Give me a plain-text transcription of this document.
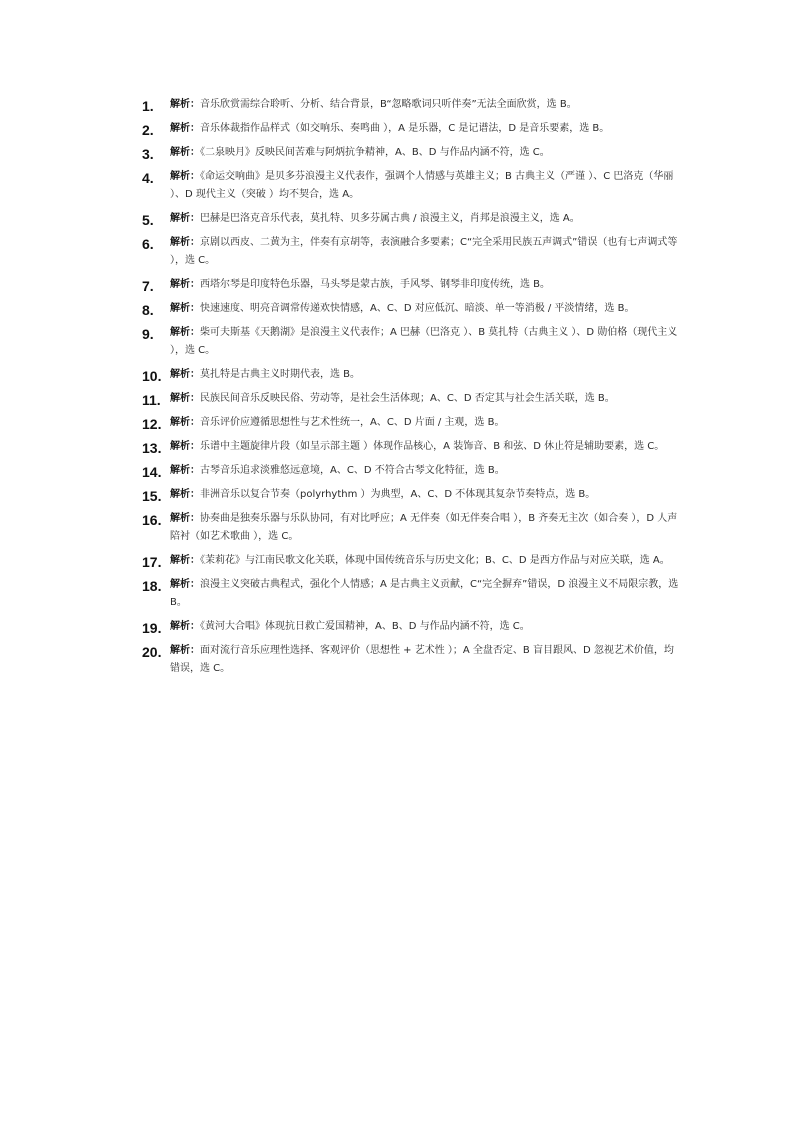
1. 解析：音乐欣赏需综合聆听、分析、结合背景，B“忽略歌词只听伴奏”无法全面欣赏，选 B。
2. 解析：音乐体裁指作品样式（如交响乐、奏鸣曲 ），A 是乐器，C 是记谱法，D 是音乐要素，选 B。
3. 解析：《二泉映月》反映民间苦难与阿炳抗争精神，A、B、D 与作品内涵不符，选 C。
4. 解析：《命运交响曲》是贝多芬浪漫主义代表作，强调个人情感与英雄主义；B 古典主义（严谨 ）、C 巴洛克（华丽 ）、D 现代主义（突破 ）均不契合，选 A。
5. 解析：巴赫是巴洛克音乐代表，莫扎特、贝多芬属古典 / 浪漫主义，肖邦是浪漫主义，选 A。
6. 解析：京剧以西皮、二黄为主，伴奏有京胡等，表演融合多要素；C“完全采用民族五声调式”错误（也有七声调式等 ），选 C。
7. 解析：西塔尔琴是印度特色乐器，马头琴是蒙古族，手风琴、钢琴非印度传统，选 B。
8. 解析：快速速度、明亮音调常传递欢快情感，A、C、D 对应低沉、暗淡、单一等消极 / 平淡情绪，选 B。
9. 解析：柴可夫斯基《天鹅湖》是浪漫主义代表作；A 巴赫（巴洛克 ）、B 莫扎特（古典主义 ）、D 勋伯格（现代主义 ），选 C。
10. 解析：莫扎特是古典主义时期代表，选 B。
11. 解析：民族民间音乐反映民俗、劳动等，是社会生活体现；A、C、D 否定其与社会生活关联，选 B。
12. 解析：音乐评价应遵循思想性与艺术性统一，A、C、D 片面 / 主观，选 B。
13. 解析：乐谱中主题旋律片段（如呈示部主题 ）体现作品核心，A 装饰音、B 和弦、D 休止符是辅助要素，选 C。
14. 解析：古琴音乐追求淡雅悠远意境，A、C、D 不符合古琴文化特征，选 B。
15. 解析：非洲音乐以复合节奏（polyrhythm ）为典型，A、C、D 不体现其复杂节奏特点，选 B。
16. 解析：协奏曲是独奏乐器与乐队协同，有对比呼应；A 无伴奏（如无伴奏合唱 ），B 齐奏无主次（如合奏 ），D 人声陪衬（如艺术歌曲 ），选 C。
17. 解析：《茉莉花》与江南民歌文化关联，体现中国传统音乐与历史文化；B、C、D 是西方作品与对应关联，选 A。
18. 解析：浪漫主义突破古典程式，强化个人情感；A 是古典主义贡献，C“完全摒弃”错误，D 浪漫主义不局限宗教，选 B。
19. 解析：《黄河大合唱》体现抗日救亡爱国精神，A、B、D 与作品内涵不符，选 C。
20. 解析：面对流行音乐应理性选择、客观评价（思想性 + 艺术性 ）；A 全盘否定、B 盲目跟风、D 忽视艺术价值，均错误，选 C。
